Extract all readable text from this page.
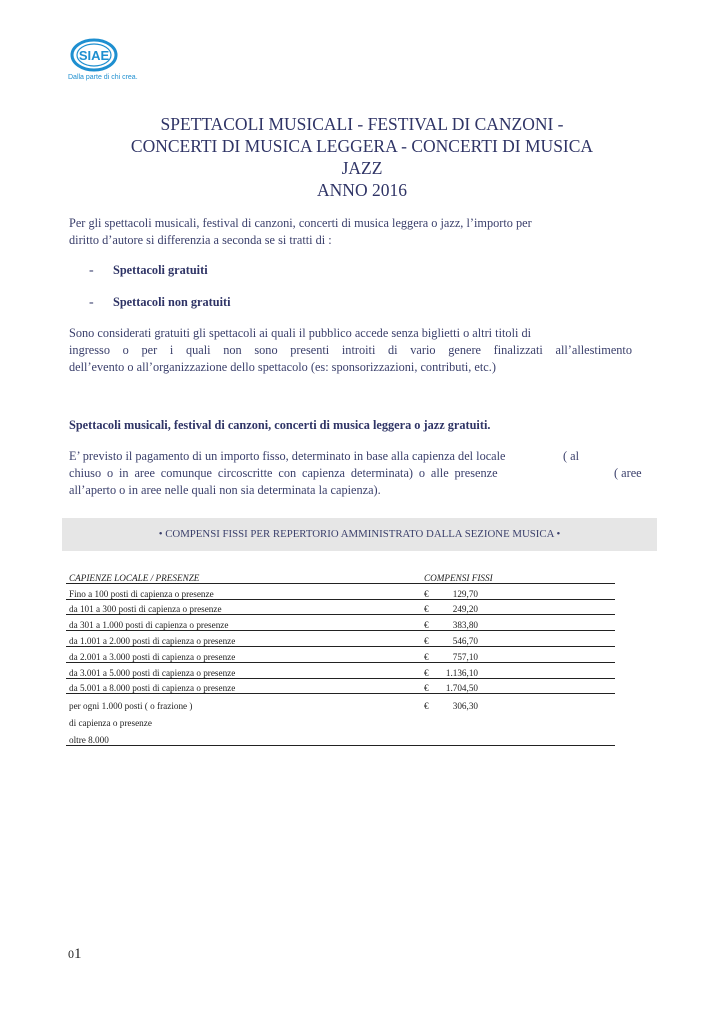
SIAE
Dalla parte di chi crea.
SPETTACOLI MUSICALI - FESTIVAL DI CANZONI -
CONCERTI DI MUSICA LEGGERA - CONCERTI DI MUSICA
JAZZ
ANNO 2016
Per gli spettacoli musicali, festival di canzoni, concerti di musica leggera o jazz, l’importo per
diritto d’autore si differenzia a seconda se si tratti di :
- Spettacoli gratuiti
- Spettacoli non gratuiti
Sono considerati gratuiti gli spettacoli ai quali il pubblico accede senza biglietti o altri titoli di
ingresso o per i quali non sono presenti introiti di vario genere finalizzati all’allestimento
dell’evento o all’organizzazione dello spettacolo (es: sponsorizzazioni, contributi, etc.)
Spettacoli musicali, festival di canzoni, concerti di musica leggera o jazz gratuiti.
E’ previsto il pagamento di un importo fisso, determinato in base alla capienza del locale	( al
chiuso o in aree comunque circoscritte con capienza determinata) o alle presenze	( aree
all’aperto o in aree nelle quali non sia determinata la capienza).
• COMPENSI FISSI PER REPERTORIO AMMINISTRATO DALLA SEZIONE MUSICA •
CAPIENZE LOCALE / PRESENZE	COMPENSI FISSI
Fino a 100 posti di capienza o presenze	€ 129,70
da 101 a 300 posti di capienza o presenze	€ 249,20
da 301 a 1.000 posti di capienza o presenze	€ 383,80
da 1.001 a 2.000 posti di capienza o presenze	€ 546,70
da 2.001 a 3.000 posti di capienza o presenze	€ 757,10
da 3.001 a 5.000 posti di capienza o presenze	€ 1.136,10
da 5.001 a 8.000 posti di capienza o presenze	€ 1.704,50
per ogni 1.000 posti ( o frazione )	€ 306,30
di capienza o presenze	
oltre 8.000	
01
